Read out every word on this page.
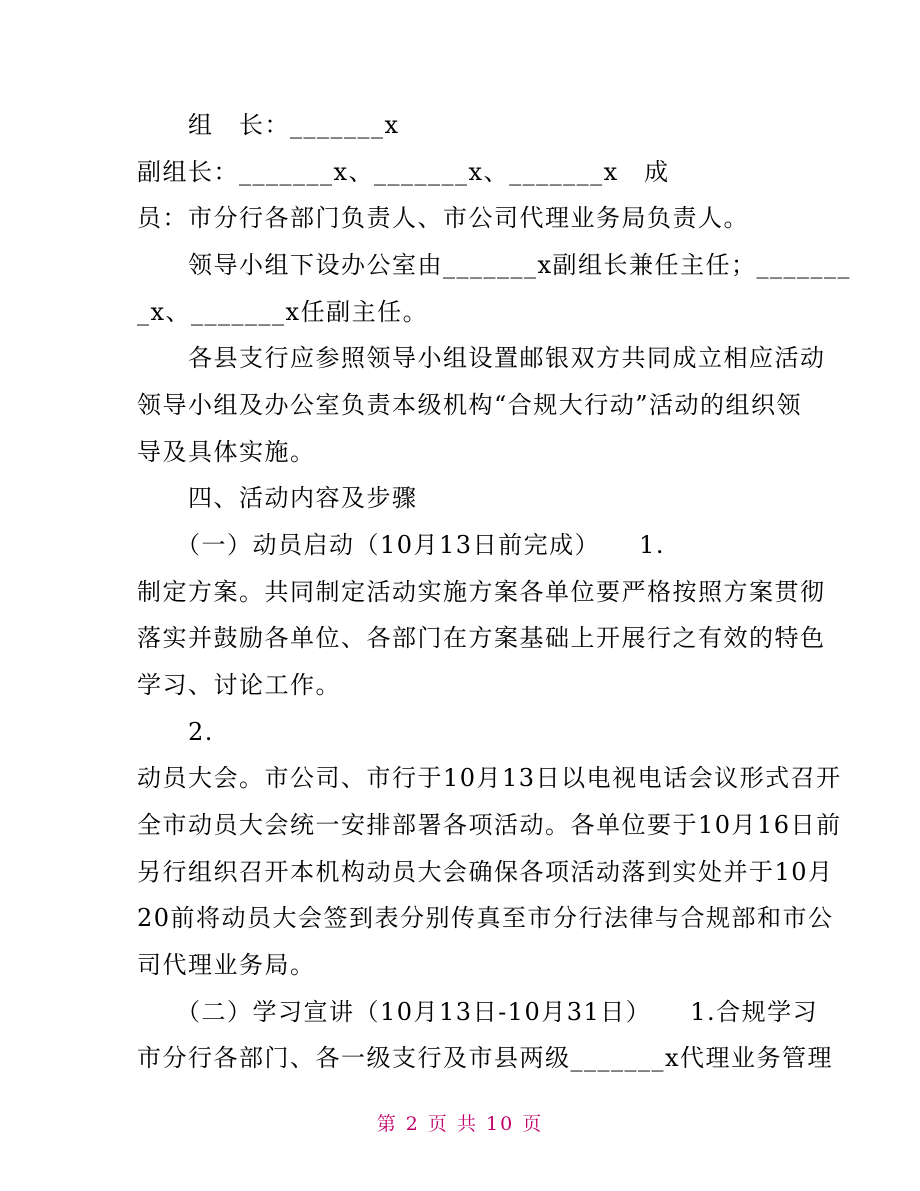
　　组　长：_______x
副组长：_______x、_______x、_______x　成
员：市分行各部门负责人、市公司代理业务局负责人。
　　领导小组下设办公室由_______x副组长兼任主任；_______
_x、_______x任副主任。
　　各县支行应参照领导小组设置邮银双方共同成立相应活动
领导小组及办公室负责本级机构“合规大行动”活动的组织领
导及具体实施。
　　四、活动内容及步骤
　　（一）动员启动（10月13日前完成）　　1.
制定方案。共同制定活动实施方案各单位要严格按照方案贯彻
落实并鼓励各单位、各部门在方案基础上开展行之有效的特色
学习、讨论工作。
　　2.
动员大会。市公司、市行于10月13日以电视电话会议形式召开
全市动员大会统一安排部署各项活动。各单位要于10月16日前
另行组织召开本机构动员大会确保各项活动落到实处并于10月
20前将动员大会签到表分别传真至市分行法律与合规部和市公
司代理业务局。
　　（二）学习宣讲（10月13日-10月31日）　　1.合规学习
市分行各部门、各一级支行及市县两级_______x代理业务管理
第 2 页 共 10 页
